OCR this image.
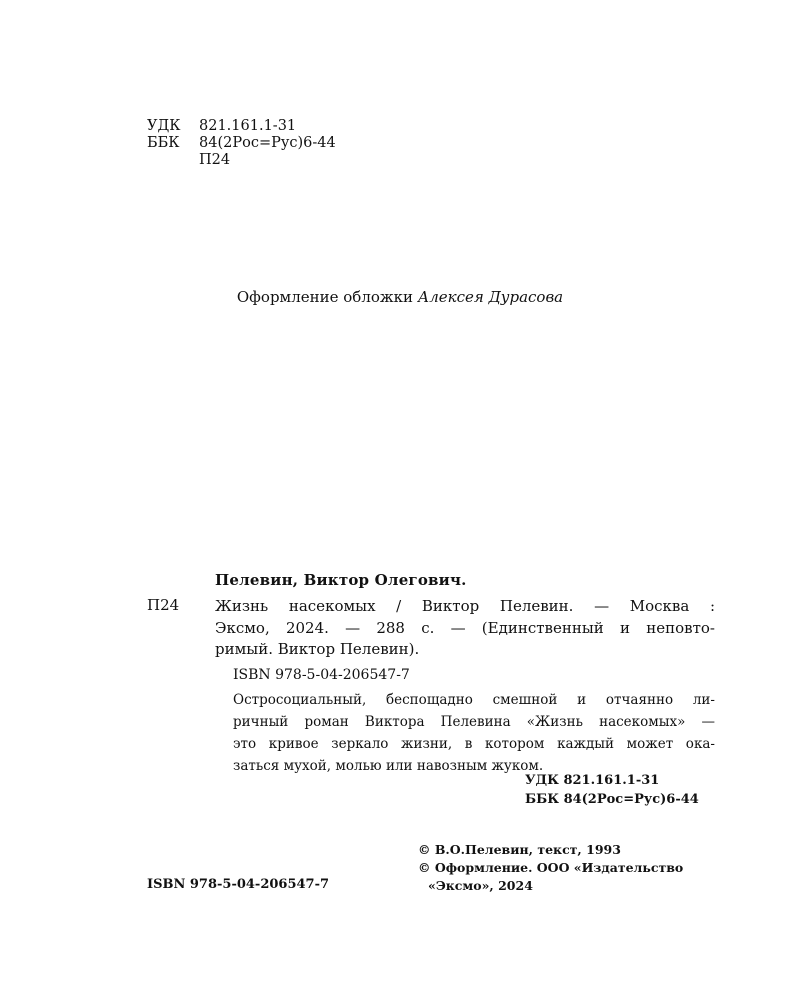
УДК	821.161.1-31
ББК	84(2Рос=Рус)6-44
П24
Оформление обложки Алексея Дурасова
Пелевин, Виктор Олегович.
П24 Жизнь насекомых / Виктор Пелевин. — Москва :
Эксмо, 2024. — 288 с. — (Единственный и неповто-
римый. Виктор Пелевин).
ISBN 978-5-04-206547-7
Остросоциальный, беспощадно смешной и отчаянно ли-
ричный роман Виктора Пелевина «Жизнь насекомых» —
это кривое зеркало жизни, в котором каждый может ока-
заться мухой, молью или навозным жуком.
УДК 821.161.1-31
ББК 84(2Рос=Рус)6-44
© В.О.Пелевин, текст, 1993
© Оформление. ООО «Издательство
«Эксмо», 2024
ISBN 978-5-04-206547-7
